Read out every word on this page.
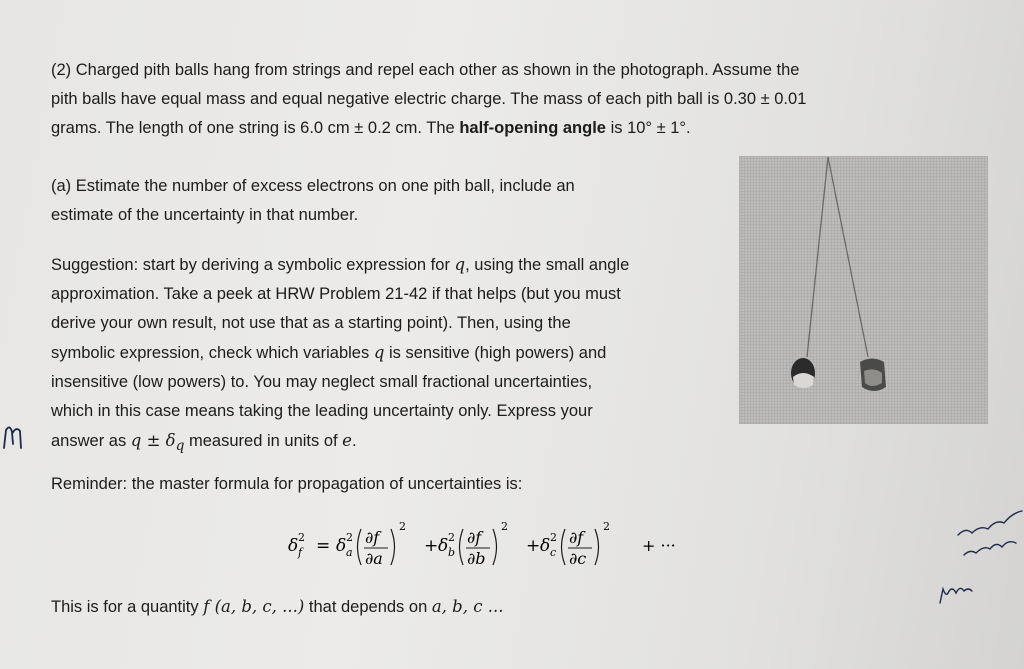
(2) Charged pith balls hang from strings and repel each other as shown in the photograph. Assume the
pith balls have equal mass and equal negative electric charge. The mass of each pith ball is 0.30 ± 0.01
grams. The length of one string is 6.0 cm ± 0.2 cm. The half-opening angle is 10° ± 1°.

(a) Estimate the number of excess electrons on one pith ball, include an
estimate of the uncertainty in that number.

Suggestion: start by deriving a symbolic expression for q, using the small angle
approximation. Take a peek at HRW Problem 21-42 if that helps (but you must
derive your own result, not use that as a starting point). Then, using the
symbolic expression, check which variables q is sensitive (high powers) and
insensitive (low powers) to. You may neglect small fractional uncertainties,
which in this case means taking the leading uncertainty only. Express your
answer as $q \pm \delta_q$ measured in units of e.

Reminder: the master formula for propagation of uncertainties is:

δ f
2 = δ a
2 ∂f
∂a
2
+ δ b
2 ∂f
∂b
2
+ δ c
2 ∂f
∂c
2
+ ···

This is for a quantity f (a, b, c, ...) that depends on a, b, c ...
